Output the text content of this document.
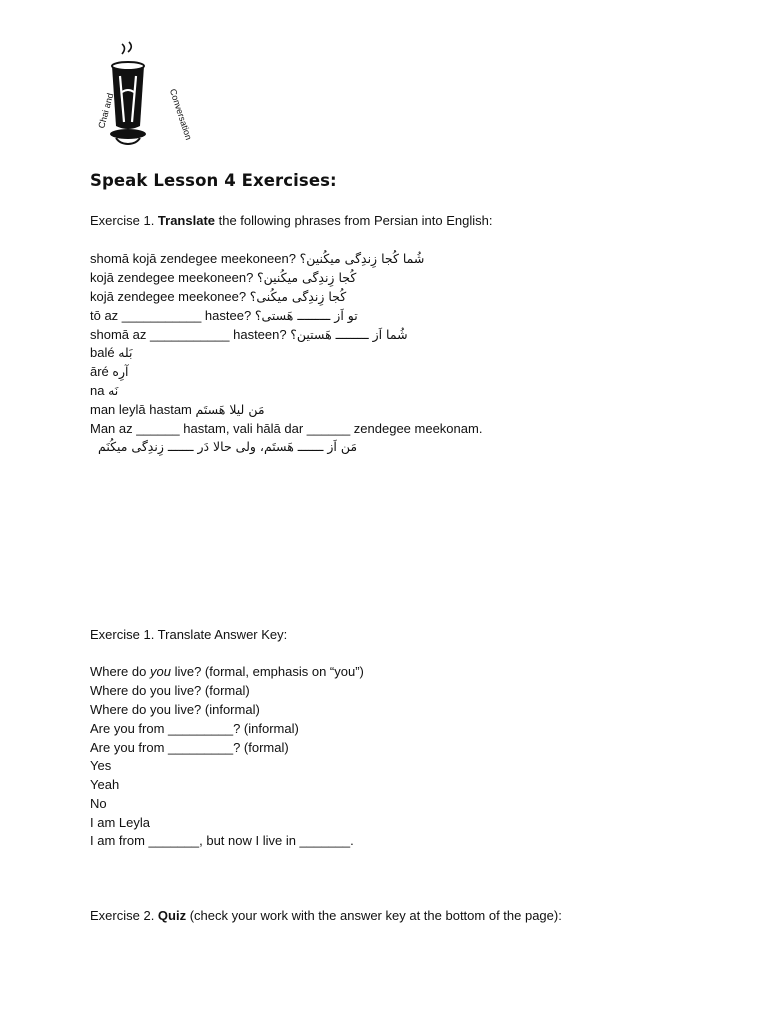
Chai and	Conversation
Speak Lesson 4 Exercises:
Exercise 1. Translate the following phrases from Persian into English:
shomā kojā zendegee meekoneen? شُما کُجا زِندِگی میکُنین؟
kojā zendegee meekoneen? کُجا زِندِگی میکُنین؟
kojā zendegee meekonee? کُجا زِندِگی میکُنی؟
tō az ___________ hastee? تو اَز ـــــــــ هَستی؟
shomā az ___________ hasteen? شُما اَز ـــــــــ هَستین؟
balé بَله
āré آرِه
na نَه
man leylā hastam مَن لیلا هَستَم
Man az ______ hastam, vali hālā dar ______ zendegee meekonam.
مَن اَز ـــــــ هَستَم، ولی حالا دَر ـــــــ زِندِگی میکُنَم
Exercise 1. Translate Answer Key:
Where do you live? (formal, emphasis on “you”)
Where do you live? (formal)
Where do you live? (informal)
Are you from _________? (informal)
Are you from _________? (formal)
Yes
Yeah
No
I am Leyla
I am from _______, but now I live in _______.
Exercise 2. Quiz (check your work with the answer key at the bottom of the page):
